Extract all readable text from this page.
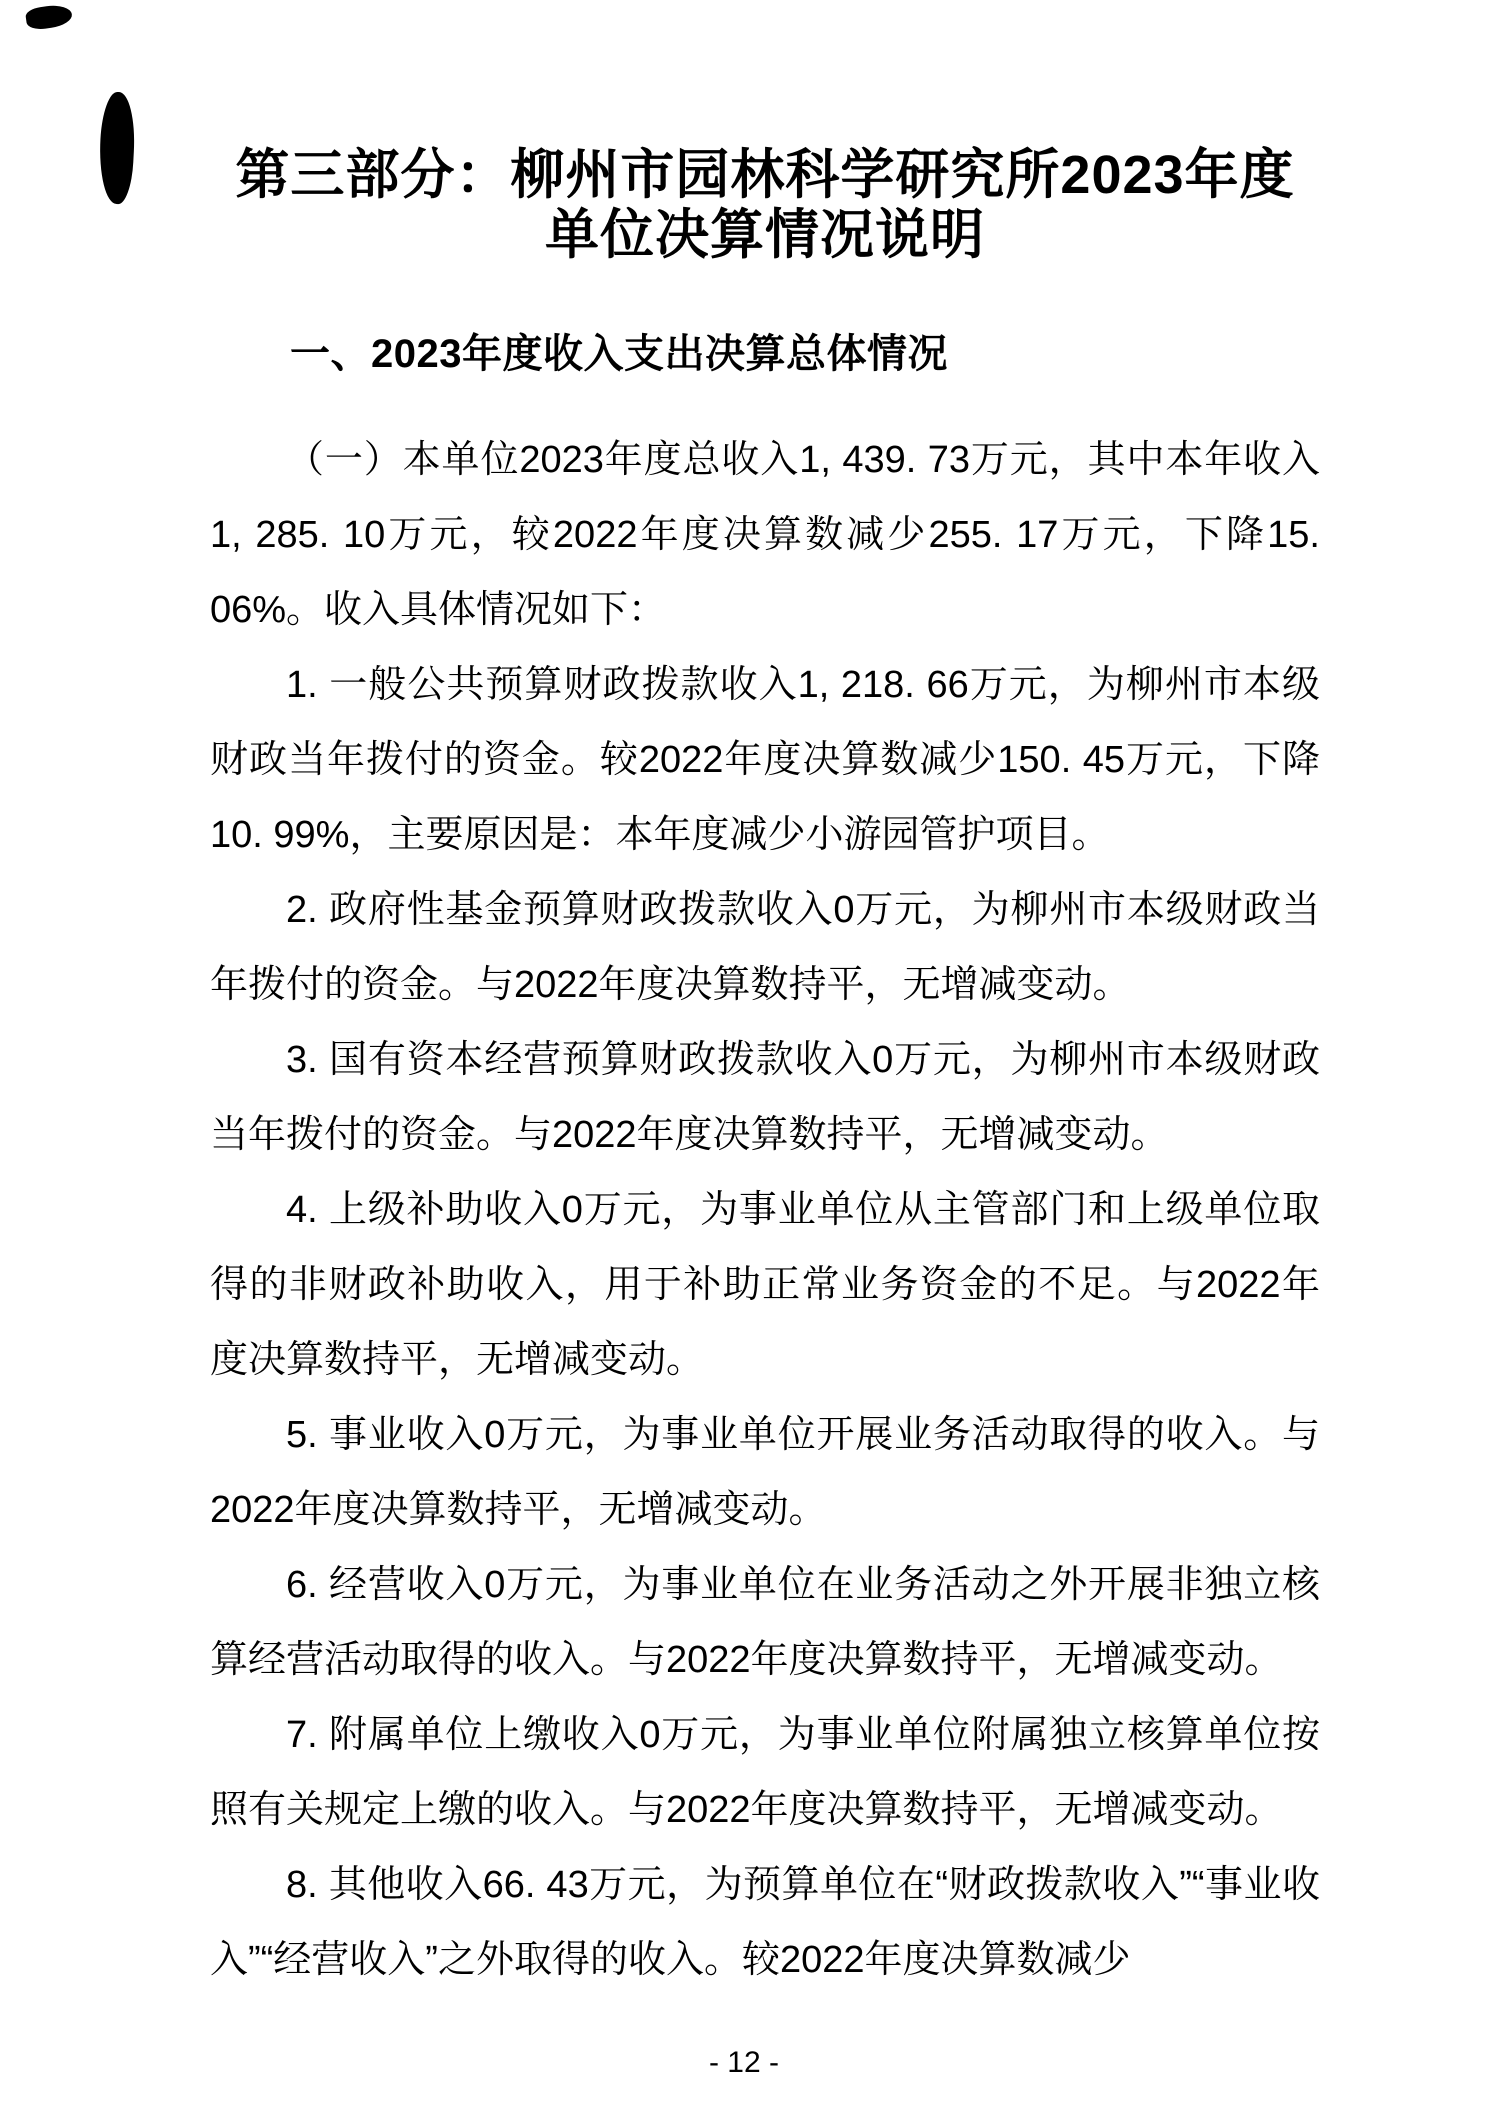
第三部分：柳州市园林科学研究所2023年度
单位决算情况说明
一、2023年度收入支出决算总体情况

（一）本单位2023年度总收入1, 439. 73万元，其中本年收入1, 285. 10万元，较2022年度决算数减少255. 17万元，下降15. 06%。收入具体情况如下：

1. 一般公共预算财政拨款收入1, 218. 66万元，为柳州市本级财政当年拨付的资金。较2022年度决算数减少150. 45万元，下降10. 99%，主要原因是：本年度减少小游园管护项目。

2. 政府性基金预算财政拨款收入0万元，为柳州市本级财政当年拨付的资金。与2022年度决算数持平，无增减变动。

3. 国有资本经营预算财政拨款收入0万元，为柳州市本级财政当年拨付的资金。与2022年度决算数持平，无增减变动。

4. 上级补助收入0万元，为事业单位从主管部门和上级单位取得的非财政补助收入，用于补助正常业务资金的不足。与2022年度决算数持平，无增减变动。

5. 事业收入0万元，为事业单位开展业务活动取得的收入。与2022年度决算数持平，无增减变动。

6. 经营收入0万元，为事业单位在业务活动之外开展非独立核算经营活动取得的收入。与2022年度决算数持平，无增减变动。

7. 附属单位上缴收入0万元，为事业单位附属独立核算单位按照有关规定上缴的收入。与2022年度决算数持平，无增减变动。

8. 其他收入66. 43万元，为预算单位在“财政拨款收入”“事业收入”“经营收入”之外取得的收入。较2022年度决算数减少

- 12 -
